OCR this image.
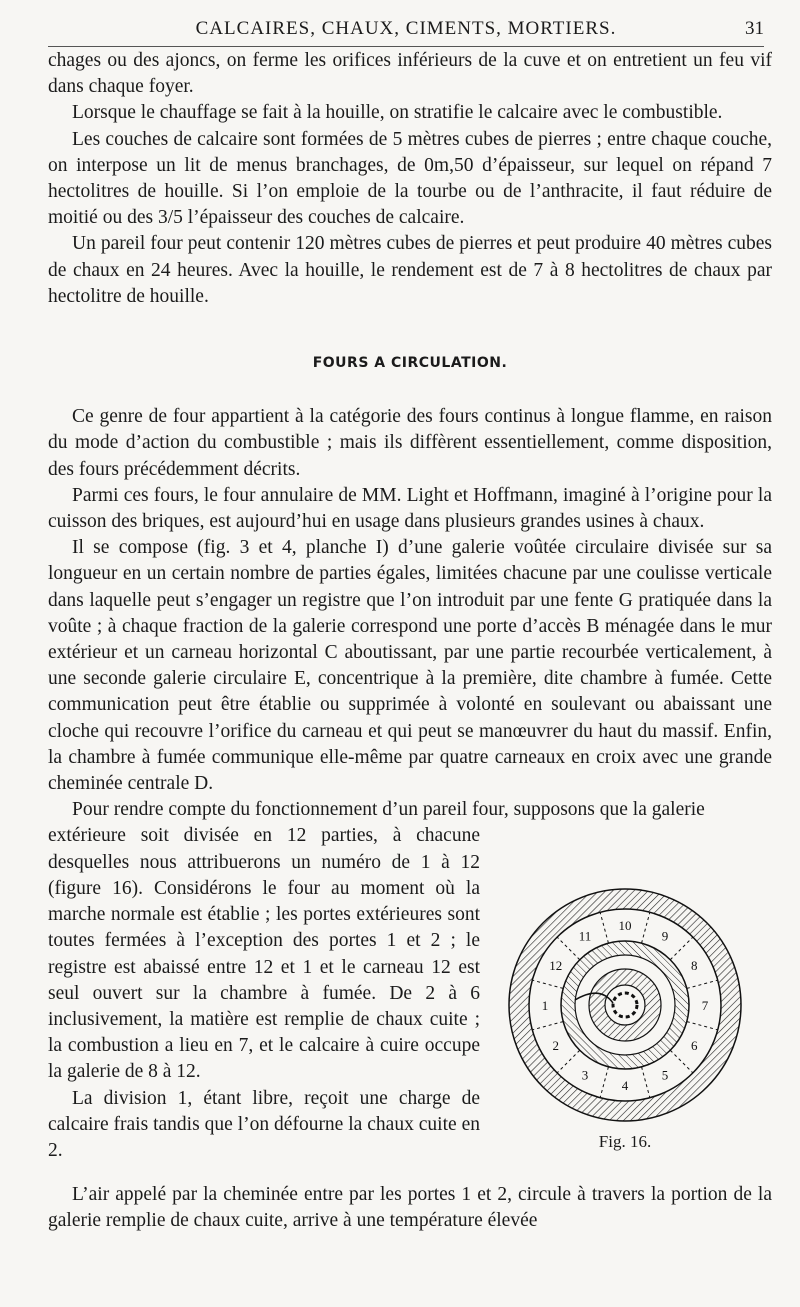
CALCAIRES, CHAUX, CIMENTS, MORTIERS.	31

chages ou des ajoncs, on ferme les orifices inférieurs de la cuve et on entretient un feu vif dans chaque foyer.

Lorsque le chauffage se fait à la houille, on stratifie le calcaire avec le combustible.

Les couches de calcaire sont formées de 5 mètres cubes de pierres ; entre chaque couche, on interpose un lit de menus branchages, de 0m,50 d’épaisseur, sur lequel on répand 7 hectolitres de houille. Si l’on emploie de la tourbe ou de l’anthracite, il faut réduire de moitié ou des 3/5 l’épaisseur des couches de calcaire.

Un pareil four peut contenir 120 mètres cubes de pierres et peut produire 40 mètres cubes de chaux en 24 heures. Avec la houille, le rendement est de 7 à 8 hectolitres de chaux par hectolitre de houille.

FOURS A CIRCULATION.

Ce genre de four appartient à la catégorie des fours continus à longue flamme, en raison du mode d’action du combustible ; mais ils diffèrent essentiellement, comme disposition, des fours précédemment décrits.

Parmi ces fours, le four annulaire de MM. Light et Hoffmann, imaginé à l’origine pour la cuisson des briques, est aujourd’hui en usage dans plusieurs grandes usines à chaux.

Il se compose (fig. 3 et 4, planche I) d’une galerie voûtée circulaire divisée sur sa longueur en un certain nombre de parties égales, limitées chacune par une coulisse verticale dans laquelle peut s’engager un registre que l’on introduit par une fente G pratiquée dans la voûte ; à chaque fraction de la galerie correspond une porte d’accès B ménagée dans le mur extérieur et un carneau horizontal C aboutissant, par une partie recourbée verticalement, à une seconde galerie circulaire E, concentrique à la première, dite chambre à fumée. Cette communication peut être établie ou supprimée à volonté en soulevant ou abaissant une cloche qui recouvre l’orifice du carneau et qui peut se manœuvrer du haut du massif. Enfin, la chambre à fumée communique elle-même par quatre carneaux en croix avec une grande cheminée centrale D.

Pour rendre compte du fonctionnement d’un pareil four, supposons que la galerie

extérieure soit divisée en 12 parties, à chacune desquelles nous attribuerons un numéro de 1 à 12 (figure 16). Considérons le four au moment où la marche normale est établie ; les portes extérieures sont toutes fermées à l’exception des portes 1 et 2 ; le registre est abaissé entre 12 et 1 et le carneau 12 est seul ouvert sur la chambre à fumée. De 2 à 6 inclusivement, la matière est remplie de chaux cuite ; la combustion a lieu en 7, et le calcaire à cuire occupe la galerie de 8 à 12.

La division 1, étant libre, reçoit une charge de calcaire frais tandis que l’on défourne la chaux cuite en 2.

1
2
3
4
5
6
7
8
9
10
11
12
Fig. 16.

L’air appelé par la cheminée entre par les portes 1 et 2, circule à travers la portion de la galerie remplie de chaux cuite, arrive à une température élevée
